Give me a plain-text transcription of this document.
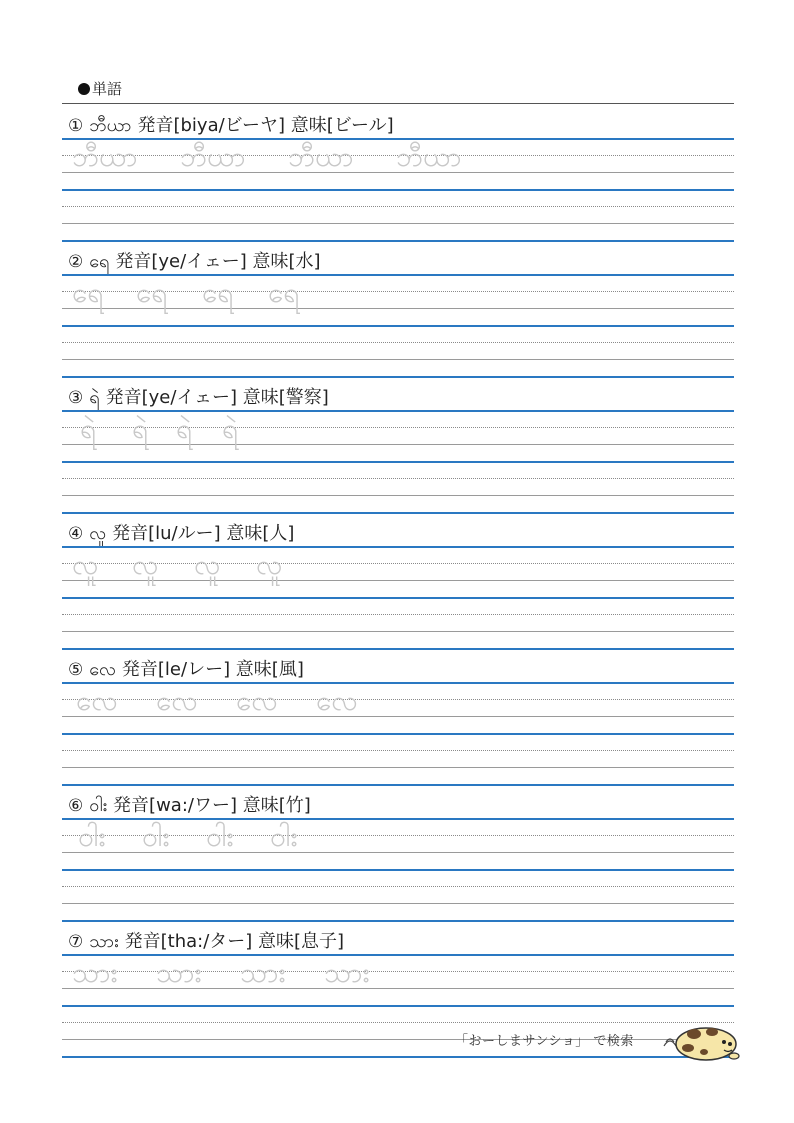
単語
① ဘီယာ 発音[biya/ビーヤ] 意味[ビール]
ဘီယာ ဘီယာ ဘီယာ ဘီယာ
② ရေ 発音[ye/イェー] 意味[水]
ရေ ရေ ရေ ရေ
③ ရဲ 発音[ye/イェー] 意味[警察]
ရဲ ရဲ ရဲ ရဲ
④ လူ 発音[lu/ルー] 意味[人]
လူ လူ လူ လူ
⑤ လေ 発音[le/レー] 意味[風]
လေ လေ လေ လေ
⑥ ဝါး 発音[wa:/ワー] 意味[竹]
ဝါး ဝါး ဝါး ဝါး
⑦ သား 発音[tha:/ター] 意味[息子]
သား သား သား သား
「おーしまサンショ」 で検索
